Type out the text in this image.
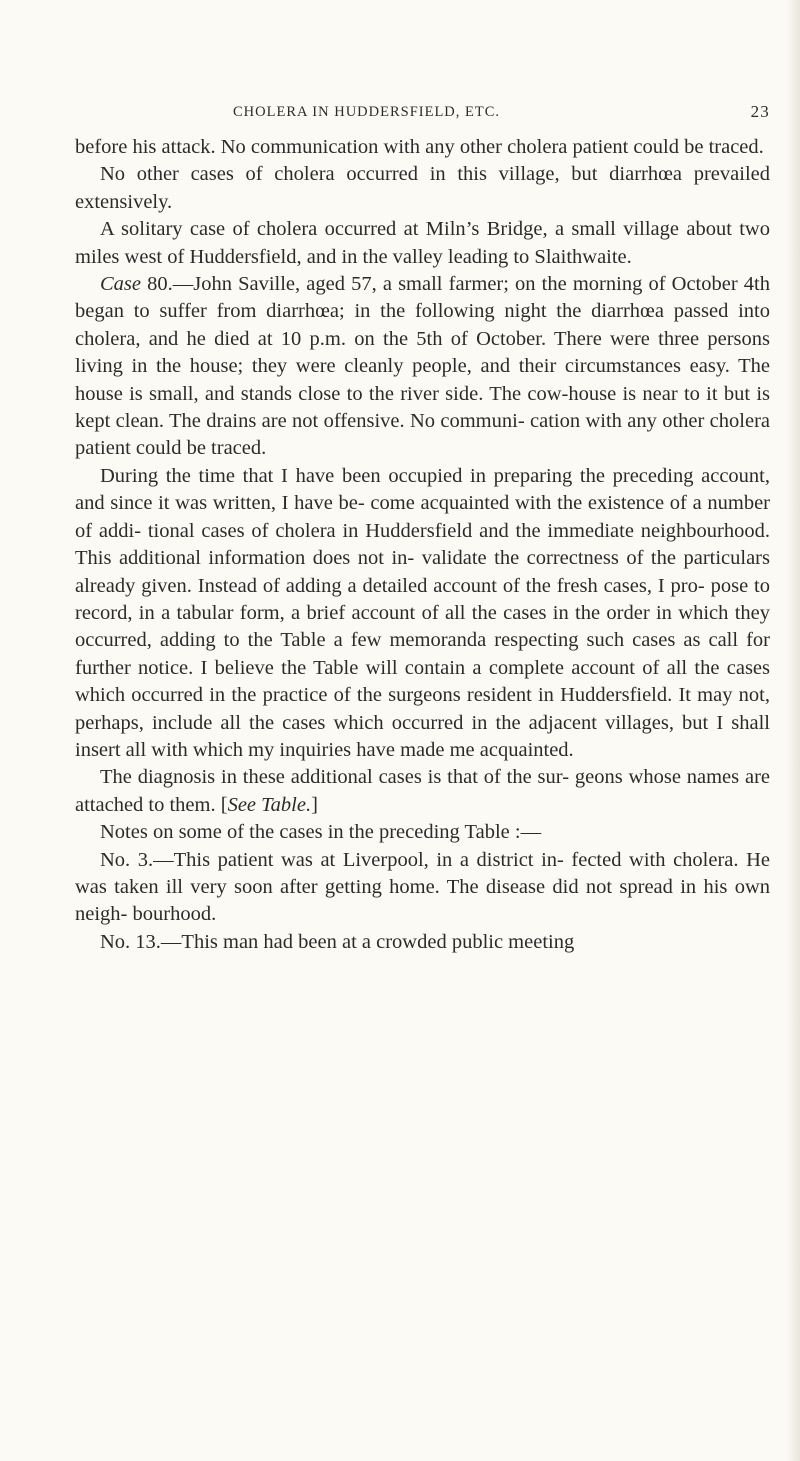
CHOLERA IN HUDDERSFIELD, ETC.	23

before his attack. No communication with any other cholera patient could be traced.

No other cases of cholera occurred in this village, but diarrhœa prevailed extensively.

A solitary case of cholera occurred at Miln’s Bridge, a small village about two miles west of Huddersfield, and in the valley leading to Slaithwaite.

Case 80.—John Saville, aged 57, a small farmer; on the morning of October 4th began to suffer from diarrhœa; in the following night the diarrhœa passed into cholera, and he died at 10 p.m. on the 5th of October. There were three persons living in the house; they were cleanly people, and their circumstances easy. The house is small, and stands close to the river side. The cow-house is near to it but is kept clean. The drains are not offensive. No communi- cation with any other cholera patient could be traced.

During the time that I have been occupied in preparing the preceding account, and since it was written, I have be- come acquainted with the existence of a number of addi- tional cases of cholera in Huddersfield and the immediate neighbourhood. This additional information does not in- validate the correctness of the particulars already given. Instead of adding a detailed account of the fresh cases, I pro- pose to record, in a tabular form, a brief account of all the cases in the order in which they occurred, adding to the Table a few memoranda respecting such cases as call for further notice. I believe the Table will contain a complete account of all the cases which occurred in the practice of the surgeons resident in Huddersfield. It may not, perhaps, include all the cases which occurred in the adjacent villages, but I shall insert all with which my inquiries have made me acquainted.

The diagnosis in these additional cases is that of the sur- geons whose names are attached to them. [See Table.]

Notes on some of the cases in the preceding Table :—

No. 3.—This patient was at Liverpool, in a district in- fected with cholera. He was taken ill very soon after getting home. The disease did not spread in his own neigh- bourhood.

No. 13.—This man had been at a crowded public meeting
